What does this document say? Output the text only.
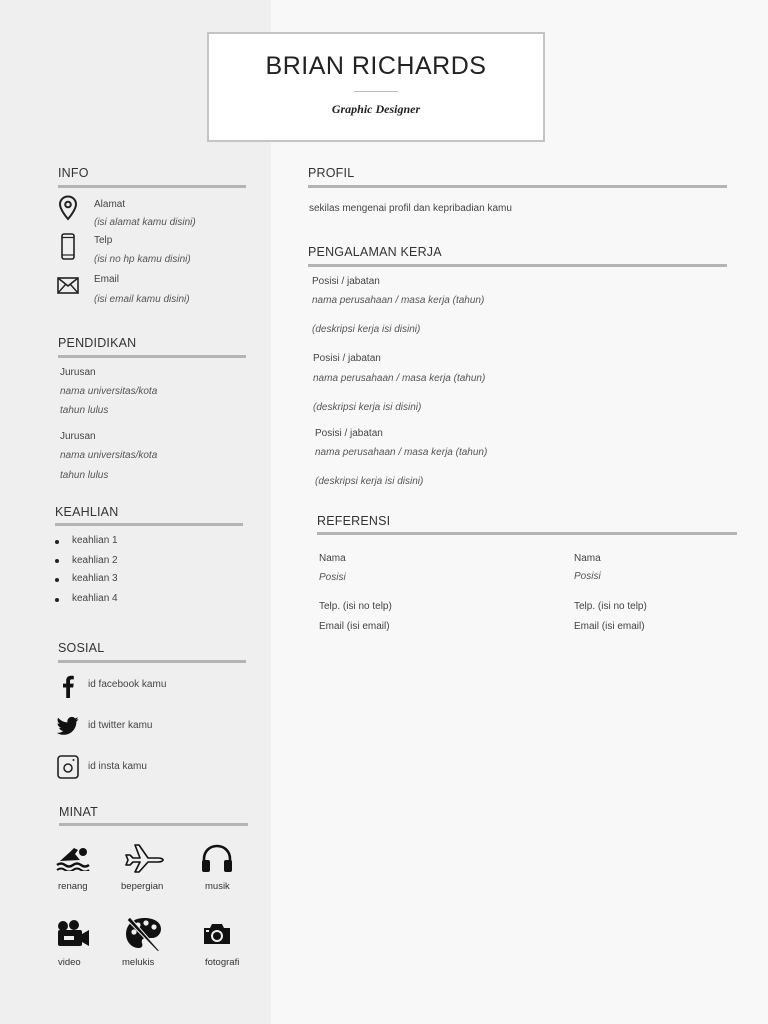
BRIAN RICHARDS
Graphic Designer
INFO
Alamat
(isi alamat kamu disini)
Telp
(isi no hp kamu disini)
Email
(isi email kamu disini)
PENDIDIKAN
Jurusan
nama universitas/kota
tahun lulus
Jurusan
nama universitas/kota
tahun lulus
KEAHLIAN
keahlian 1
keahlian 2
keahlian 3
keahlian 4
SOSIAL
id facebook kamu
id twitter kamu
id insta kamu
MINAT
renang	bepergian	musik
video	melukis	fotografi
PROFIL
sekilas mengenai profil dan kepribadian kamu
PENGALAMAN KERJA
Posisi / jabatan
nama perusahaan / masa kerja (tahun)
(deskripsi kerja isi disini)
Posisi / jabatan
nama perusahaan / masa kerja (tahun)
(deskripsi kerja isi disini)
Posisi / jabatan
nama perusahaan / masa kerja (tahun)
(deskripsi kerja isi disini)
REFERENSI
Nama
Posisi
Telp. (isi no telp)
Email (isi email)
Nama
Posisi
Telp. (isi no telp)
Email (isi email)
